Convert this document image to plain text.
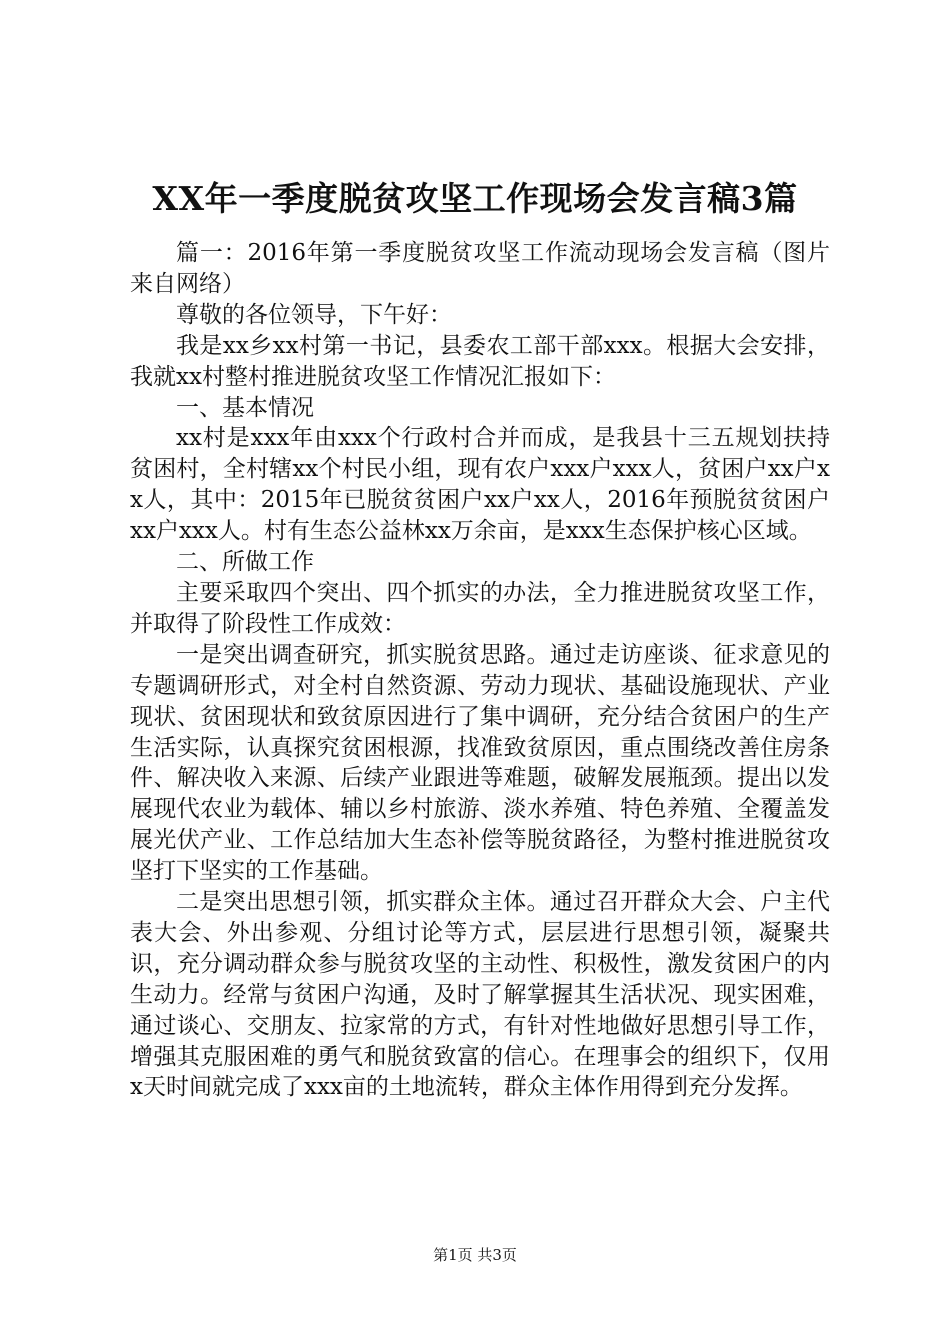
XX年一季度脱贫攻坚工作现场会发言稿3篇

篇一：2016年第一季度脱贫攻坚工作流动现场会发言稿（图片来自网络）

尊敬的各位领导，下午好：

我是xx乡xx村第一书记，县委农工部干部xxx。根据大会安排，我就xx村整村推进脱贫攻坚工作情况汇报如下：

一、基本情况

xx村是xxx年由xxx个行政村合并而成，是我县十三五规划扶持贫困村，全村辖xx个村民小组，现有农户xxx户xxx人，贫困户xx户xx人，其中：2015年已脱贫贫困户xx户xx人，2016年预脱贫贫困户xx户xxx人。村有生态公益林xx万余亩，是xxx生态保护核心区域。

二、所做工作

主要采取四个突出、四个抓实的办法，全力推进脱贫攻坚工作，并取得了阶段性工作成效：

一是突出调查研究，抓实脱贫思路。通过走访座谈、征求意见的专题调研形式，对全村自然资源、劳动力现状、基础设施现状、产业现状、贫困现状和致贫原因进行了集中调研，充分结合贫困户的生产生活实际，认真探究贫困根源，找准致贫原因，重点围绕改善住房条件、解决收入来源、后续产业跟进等难题，破解发展瓶颈。提出以发展现代农业为载体、辅以乡村旅游、淡水养殖、特色养殖、全覆盖发展光伏产业、工作总结加大生态补偿等脱贫路径，为整村推进脱贫攻坚打下坚实的工作基础。

二是突出思想引领，抓实群众主体。通过召开群众大会、户主代表大会、外出参观、分组讨论等方式，层层进行思想引领，凝聚共识，充分调动群众参与脱贫攻坚的主动性、积极性，激发贫困户的内生动力。经常与贫困户沟通，及时了解掌握其生活状况、现实困难，通过谈心、交朋友、拉家常的方式，有针对性地做好思想引导工作，增强其克服困难的勇气和脱贫致富的信心。在理事会的组织下，仅用x天时间就完成了xxx亩的土地流转，群众主体作用得到充分发挥。

第1页 共3页
